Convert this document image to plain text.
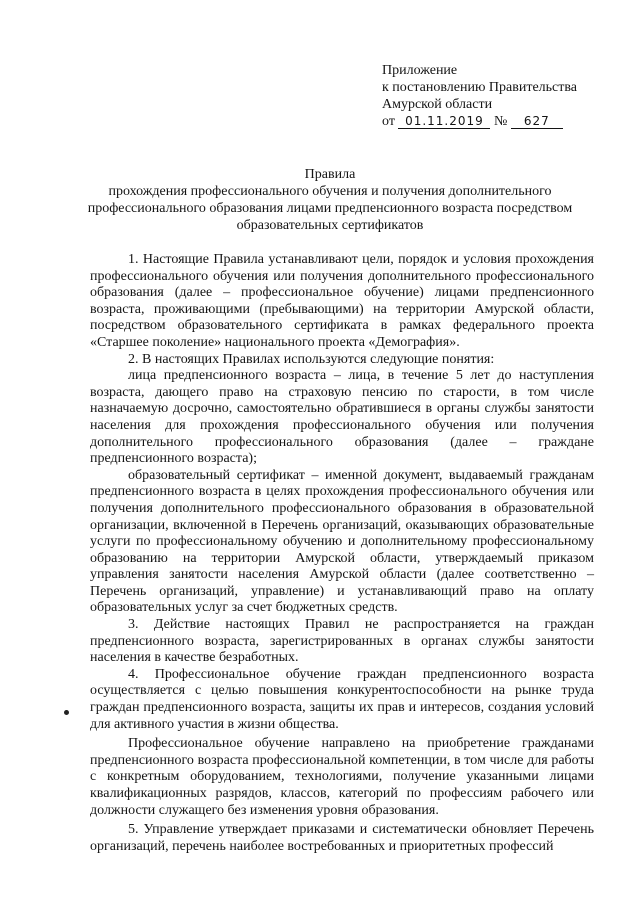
Приложение
к постановлению Правительства
Амурской области
от 01.11.2019 № 627
Правила
прохождения профессионального обучения и получения дополнительного профессионального образования лицами предпенсионного возраста посредством образовательных сертификатов

1. Настоящие Правила устанавливают цели, порядок и условия прохождения профессионального обучения или получения дополнительного профессионального образования (далее – профессиональное обучение) лицами предпенсионного возраста, проживающими (пребывающими) на территории Амурской области, посредством образовательного сертификата в рамках федерального проекта «Старшее поколение» национального проекта «Демография».

2. В настоящих Правилах используются следующие понятия:

лица предпенсионного возраста – лица, в течение 5 лет до наступления возраста, дающего право на страховую пенсию по старости, в том числе назначаемую досрочно, самостоятельно обратившиеся в органы службы занятости населения для прохождения профессионального обучения или получения дополнительного профессионального образования (далее – граждане предпенсионного возраста);

образовательный сертификат – именной документ, выдаваемый гражданам предпенсионного возраста в целях прохождения профессионального обучения или получения дополнительного профессионального образования в образовательной организации, включенной в Перечень организаций, оказывающих образовательные услуги по профессиональному обучению и дополнительному профессиональному образованию на территории Амурской области, утверждаемый приказом управления занятости населения Амурской области (далее соответственно – Перечень организаций, управление) и устанавливающий право на оплату образовательных услуг за счет бюджетных средств.

3. Действие настоящих Правил не распространяется на граждан предпенсионного возраста, зарегистрированных в органах службы занятости населения в качестве безработных.

4. Профессиональное обучение граждан предпенсионного возраста осуществляется с целью повышения конкурентоспособности на рынке труда граждан предпенсионного возраста, защиты их прав и интересов, создания условий для активного участия в жизни общества.

Профессиональное обучение направлено на приобретение гражданами предпенсионного возраста профессиональной компетенции, в том числе для работы с конкретным оборудованием, технологиями, получение указанными лицами квалификационных разрядов, классов, категорий по профессиям рабочего или должности служащего без изменения уровня образования.

5. Управление утверждает приказами и систематически обновляет Перечень организаций, перечень наиболее востребованных и приоритетных профессий
